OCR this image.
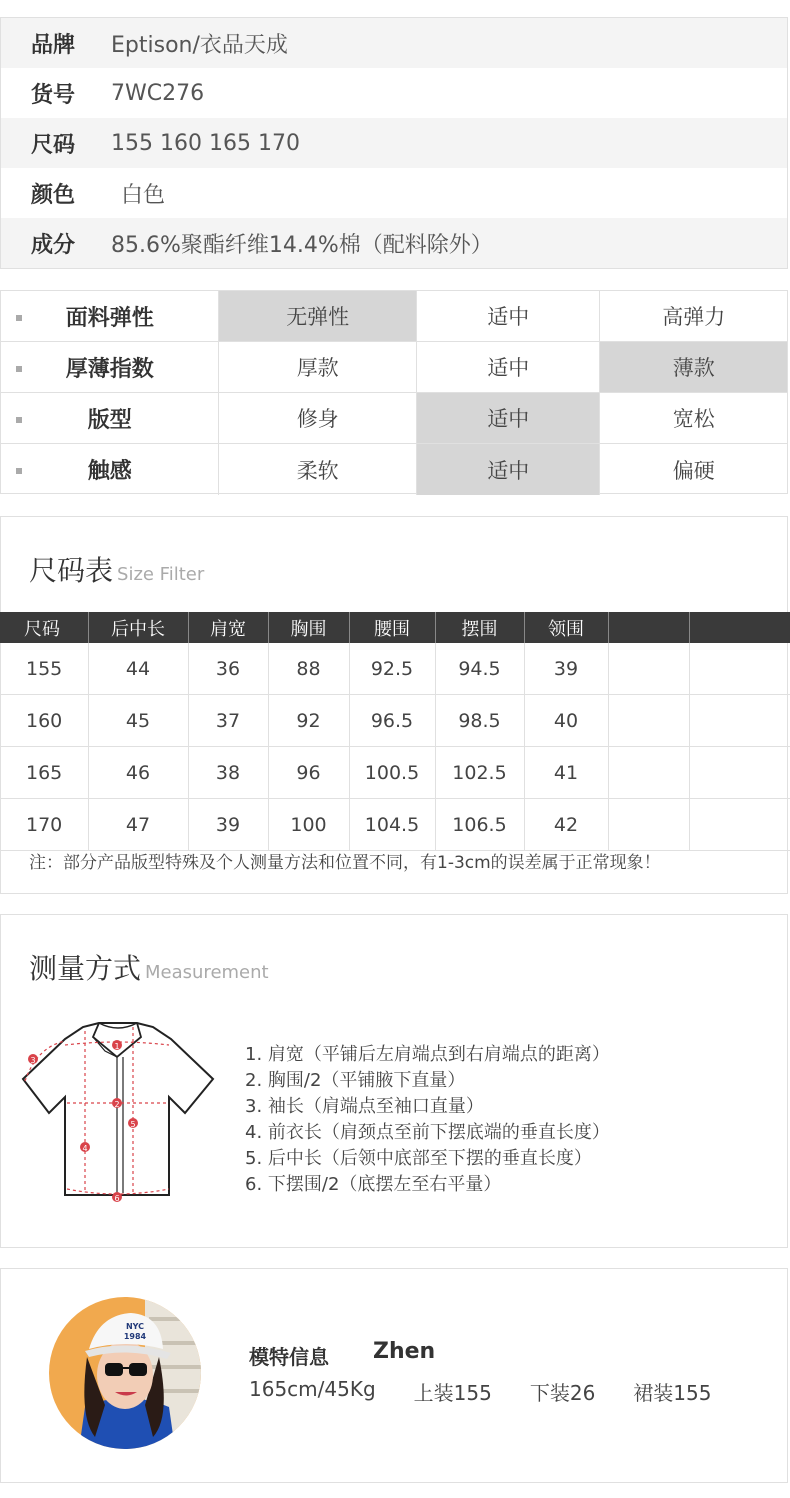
品牌	Eptison/衣品天成
货号	7WC276
尺码	155 160 165 170
颜色	白色
成分	85.6%聚酯纤维14.4%棉（配料除外）
面料弹性	无弹性	适中	高弹力
厚薄指数	厚款	适中	薄款
版型	修身	适中	宽松
触感	柔软	适中	偏硬
尺码表 Size Filter
尺码	后中长	肩宽	胸围	腰围	摆围	领围		
155	44	36	88	92.5	94.5	39		
160	45	37	92	96.5	98.5	40		
165	46	38	96	100.5	102.5	41		
170	47	39	100	104.5	106.5	42		
注：部分产品版型特殊及个人测量方法和位置不同，有1-3cm的误差属于正常现象！
测量方式 Measurement
1
2
3
4
5
6
1. 肩宽（平铺后左肩端点到右肩端点的距离）
2. 胸围/2（平铺腋下直量）
3. 袖长（肩端点至袖口直量）
4. 前衣长（肩颈点至前下摆底端的垂直长度）
5. 后中长（后领中底部至下摆的垂直长度）
6. 下摆围/2（底摆左至右平量）
NYC
1984
模特信息 Zhen
165cm/45Kg 上装155 下装26 裙装155
